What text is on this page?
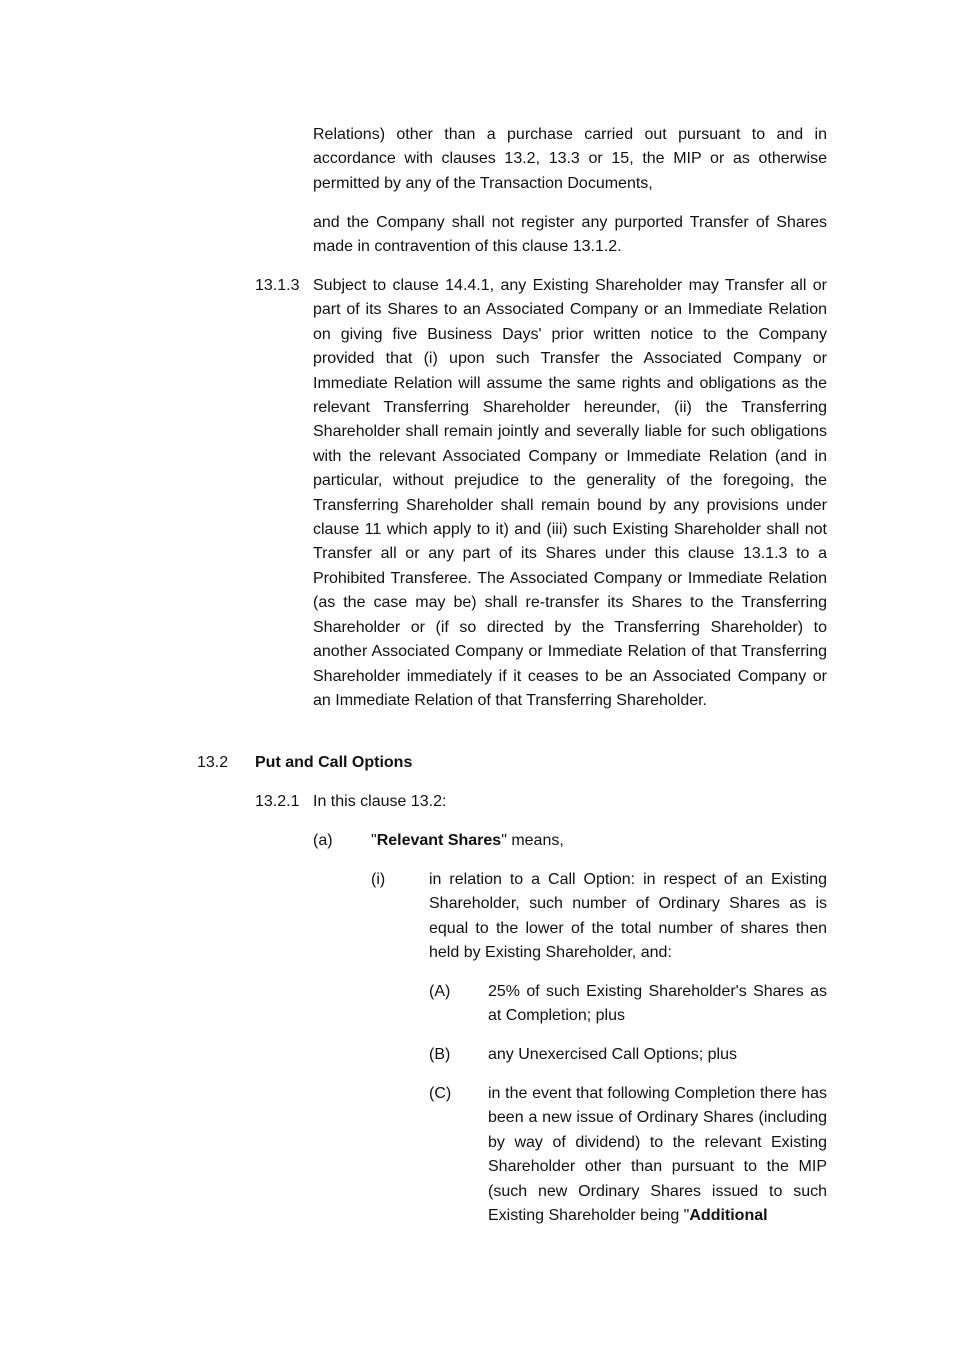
Relations) other than a purchase carried out pursuant to and in accordance with clauses 13.2, 13.3 or 15, the MIP or as otherwise permitted by any of the Transaction Documents,
and the Company shall not register any purported Transfer of Shares made in contravention of this clause 13.1.2.
13.1.3 Subject to clause 14.4.1, any Existing Shareholder may Transfer all or part of its Shares to an Associated Company or an Immediate Relation on giving five Business Days' prior written notice to the Company provided that (i) upon such Transfer the Associated Company or Immediate Relation will assume the same rights and obligations as the relevant Transferring Shareholder hereunder, (ii) the Transferring Shareholder shall remain jointly and severally liable for such obligations with the relevant Associated Company or Immediate Relation (and in particular, without prejudice to the generality of the foregoing, the Transferring Shareholder shall remain bound by any provisions under clause 11 which apply to it) and (iii) such Existing Shareholder shall not Transfer all or any part of its Shares under this clause 13.1.3 to a Prohibited Transferee. The Associated Company or Immediate Relation (as the case may be) shall re-transfer its Shares to the Transferring Shareholder or (if so directed by the Transferring Shareholder) to another Associated Company or Immediate Relation of that Transferring Shareholder immediately if it ceases to be an Associated Company or an Immediate Relation of that Transferring Shareholder.
13.2 Put and Call Options
13.2.1 In this clause 13.2:
(a) "Relevant Shares" means,
(i)	in relation to a Call Option: in respect of an Existing Shareholder, such number of Ordinary Shares as is equal to the lower of the total number of shares then held by Existing Shareholder, and:
(A) 25% of such Existing Shareholder's Shares as at Completion; plus
(B) any Unexercised Call Options; plus
(C) in the event that following Completion there has been a new issue of Ordinary Shares (including by way of dividend) to the relevant Existing Shareholder other than pursuant to the MIP (such new Ordinary Shares issued to such Existing Shareholder being "Additional
